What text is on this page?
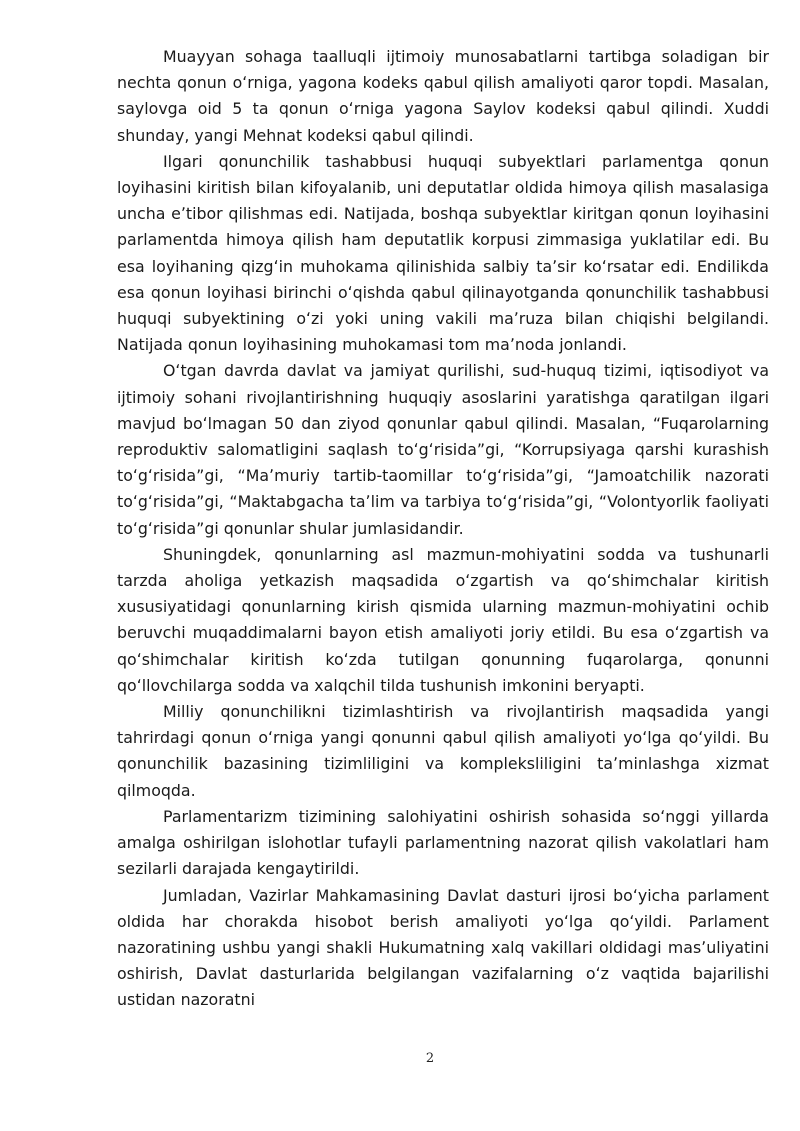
Muayyan sohaga taalluqli ijtimoiy munosabatlarni tartibga soladigan bir nechta qonun oʻrniga, yagona kodeks qabul qilish amaliyoti qaror topdi. Masalan, saylovga oid 5 ta qonun oʻrniga yagona Saylov kodeksi qabul qilindi. Xuddi shunday, yangi Mehnat kodeksi qabul qilindi.

Ilgari qonunchilik tashabbusi huquqi subyektlari parlamentga qonun loyihasini kiritish bilan kifoyalanib, uni deputatlar oldida himoya qilish masalasiga uncha eʼtibor qilishmas edi. Natijada, boshqa subyektlar kiritgan qonun loyihasini parlamentda himoya qilish ham deputatlik korpusi zimmasiga yuklatilar edi. Bu esa loyihaning qizgʻin muhokama qilinishida salbiy taʼsir koʻrsatar edi. Endilikda esa qonun loyihasi birinchi oʻqishda qabul qilinayotganda qonunchilik tashabbusi huquqi subyektining oʻzi yoki uning vakili maʼruza bilan chiqishi belgilandi. Natijada qonun loyihasining muhokamasi tom maʼnoda jonlandi.

Oʻtgan davrda davlat va jamiyat qurilishi, sud-huquq tizimi, iqtisodiyot va ijtimoiy sohani rivojlantirishning huquqiy asoslarini yaratishga qaratilgan ilgari mavjud boʻlmagan 50 dan ziyod qonunlar qabul qilindi. Masalan, “Fuqarolarning reproduktiv salomatligini saqlash toʻgʻrisida”gi, “Korrupsiyaga qarshi kurashish toʻgʻrisida”gi, “Maʼmuriy tartib-taomillar toʻgʻrisida”gi, “Jamoatchilik nazorati toʻgʻrisida”gi, “Maktabgacha taʼlim va tarbiya toʻgʻrisida”gi, “Volontyorlik faoliyati toʻgʻrisida”gi qonunlar shular jumlasidandir.

Shuningdek, qonunlarning asl mazmun-mohiyatini sodda va tushunarli tarzda aholiga yetkazish maqsadida oʻzgartish va qoʻshimchalar kiritish xususiyatidagi qonunlarning kirish qismida ularning mazmun-mohiyatini ochib beruvchi muqaddimalarni bayon etish amaliyoti joriy etildi. Bu esa oʻzgartish va qoʻshimchalar kiritish koʻzda tutilgan qonunning fuqarolarga, qonunni qoʻllovchilarga sodda va xalqchil tilda tushunish imkonini beryapti.

Milliy qonunchilikni tizimlashtirish va rivojlantirish maqsadida yangi tahrirdagi qonun oʻrniga yangi qonunni qabul qilish amaliyoti yoʻlga qoʻyildi. Bu qonunchilik bazasining tizimliligini va kompleksliligini taʼminlashga xizmat qilmoqda.

Parlamentarizm tizimining salohiyatini oshirish sohasida soʻnggi yillarda amalga oshirilgan islohotlar tufayli parlamentning nazorat qilish vakolatlari ham sezilarli darajada kengaytirildi.

Jumladan, Vazirlar Mahkamasining Davlat dasturi ijrosi boʻyicha parlament oldida har chorakda hisobot berish amaliyoti yoʻlga qoʻyildi. Parlament nazoratining ushbu yangi shakli Hukumatning xalq vakillari oldidagi masʼuliyatini oshirish, Davlat dasturlarida belgilangan vazifalarning oʻz vaqtida bajarilishi ustidan nazoratni

2
